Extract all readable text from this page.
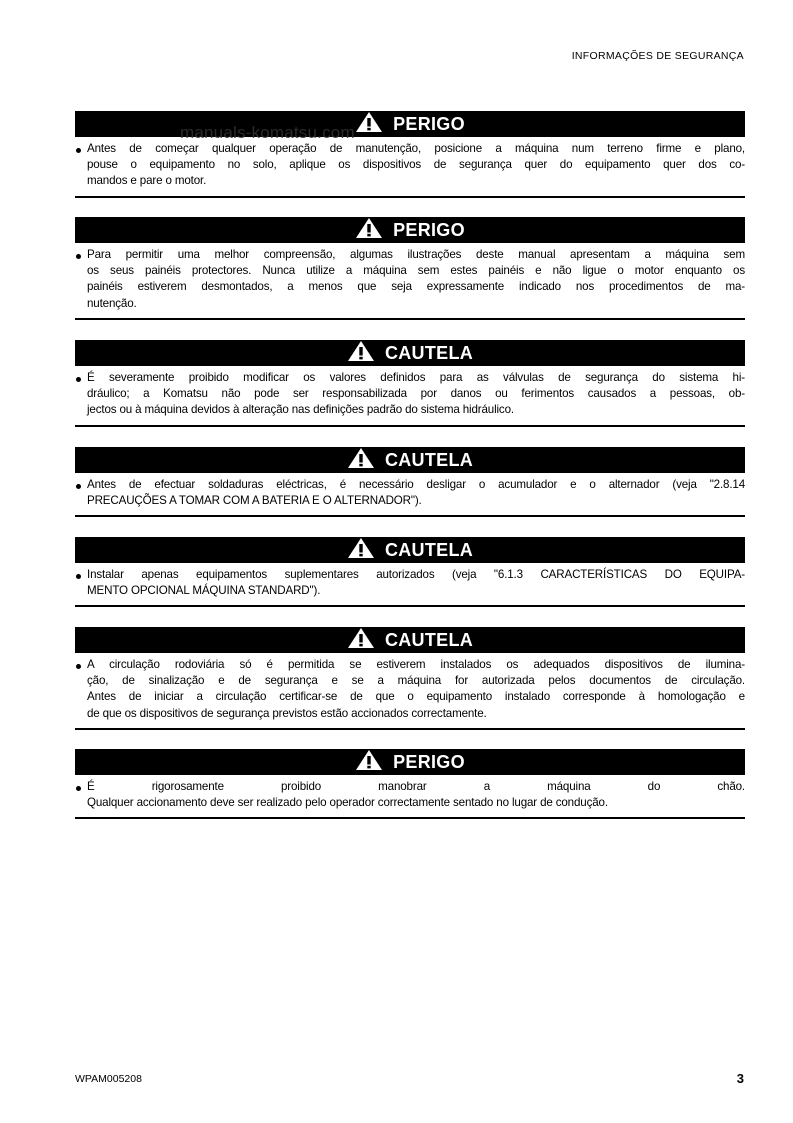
INFORMAÇÕES DE SEGURANÇA
PERIGO
Antes de começar qualquer operação de manutenção, posicione a máquina num terreno firme e plano,
pouse o equipamento no solo, aplique os dispositivos de segurança quer do equipamento quer dos co-
mandos e pare o motor.
PERIGO
Para permitir uma melhor compreensão, algumas ilustrações deste manual apresentam a máquina sem
os seus painéis protectores. Nunca utilize a máquina sem estes painéis e não ligue o motor enquanto os
painéis estiverem desmontados, a menos que seja expressamente indicado nos procedimentos de ma-
nutenção.
CAUTELA
É severamente proibido modificar os valores definidos para as válvulas de segurança do sistema hi-
dráulico; a Komatsu não pode ser responsabilizada por danos ou ferimentos causados a pessoas, ob-
jectos ou à máquina devidos à alteração nas definições padrão do sistema hidráulico.
CAUTELA
Antes de efectuar soldaduras eléctricas, é necessário desligar o acumulador e o alternador (veja "2.8.14
PRECAUÇÕES A TOMAR COM A BATERIA E O ALTERNADOR").
CAUTELA
Instalar apenas equipamentos suplementares autorizados (veja "6.1.3 CARACTERÍSTICAS DO EQUIPA-
MENTO OPCIONAL MÁQUINA STANDARD").
CAUTELA
A circulação rodoviária só é permitida se estiverem instalados os adequados dispositivos de ilumina-
ção, de sinalização e de segurança e se a máquina for autorizada pelos documentos de circulação.
Antes de iniciar a circulação certificar-se de que o equipamento instalado corresponde à homologação e
de que os dispositivos de segurança previstos estão accionados correctamente.
PERIGO
É rigorosamente proibido manobrar a máquina do chão.
Qualquer accionamento deve ser realizado pelo operador correctamente sentado no lugar de condução.
manuals-komatsu.com
WPAM005208	3
